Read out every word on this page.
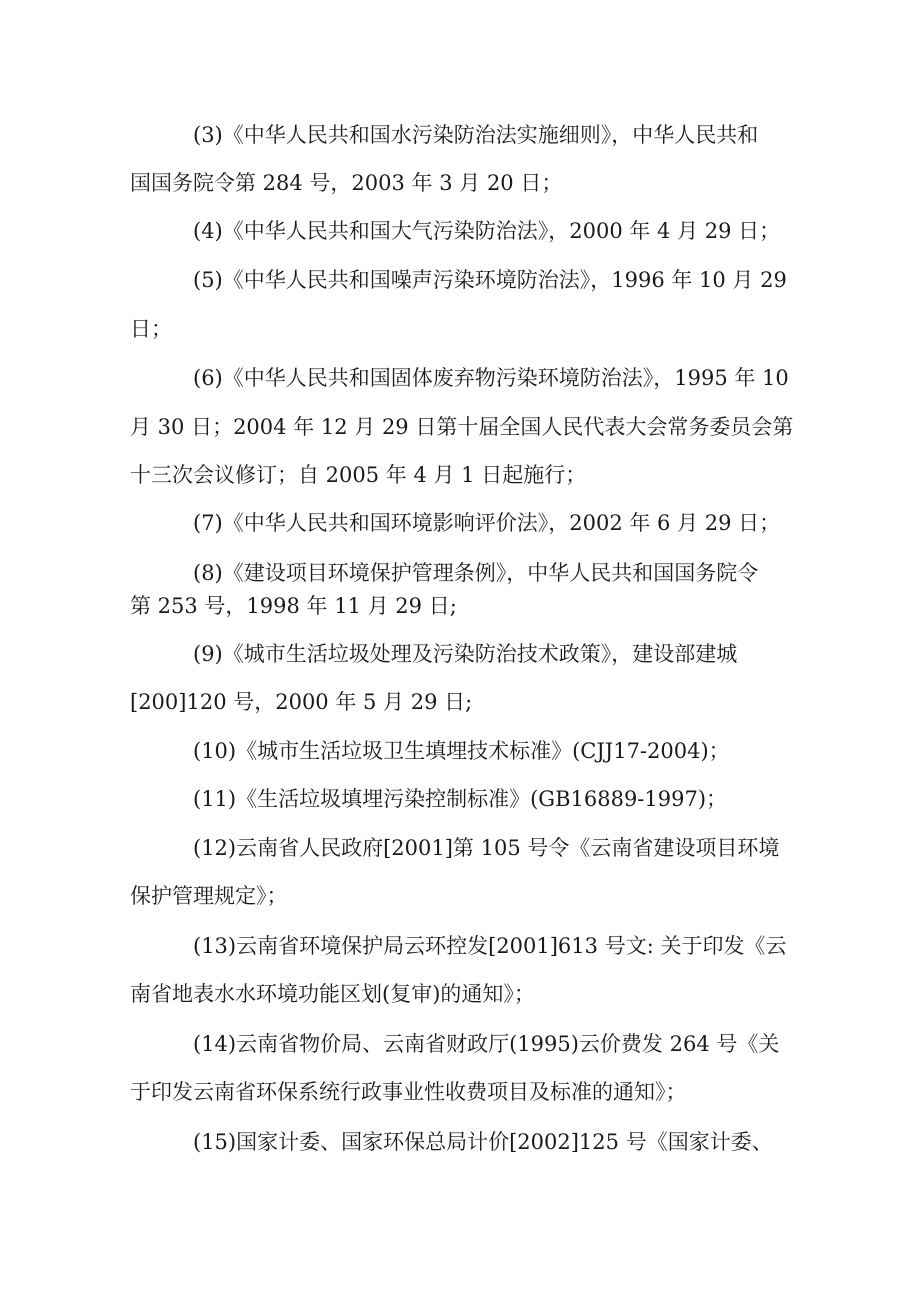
(3)《中华人民共和国水污染防治法实施细则》，中华人民共和

国国务院令第 284 号，2003 年 3 月 20 日；

(4)《中华人民共和国大气污染防治法》，2000 年 4 月 29 日；

(5)《中华人民共和国噪声污染环境防治法》，1996 年 10 月 29

日；

(6)《中华人民共和国固体废弃物污染环境防治法》，1995 年 10

月 30 日；2004 年 12 月 29 日第十届全国人民代表大会常务委员会第

十三次会议修订；自 2005 年 4 月 1 日起施行；

(7)《中华人民共和国环境影响评价法》，2002 年 6 月 29 日；

(8)《建设项目环境保护管理条例》，中华人民共和国国务院令

第 253 号，1998 年 11 月 29 日;

(9)《城市生活垃圾处理及污染防治技术政策》，建设部建城

[200]120 号，2000 年 5 月 29 日;

(10)《城市生活垃圾卫生填埋技术标准》(CJJ17-2004)；

(11)《生活垃圾填埋污染控制标准》(GB16889-1997)；

(12)云南省人民政府[2001]第 105 号令《云南省建设项目环境

保护管理规定》；

(13)云南省环境保护局云环控发[2001]613 号文: 关于印发《云

南省地表水水环境功能区划(复审)的通知》；

(14)云南省物价局、云南省财政厅(1995)云价费发 264 号《关

于印发云南省环保系统行政事业性收费项目及标准的通知》；

(15)国家计委、国家环保总局计价[2002]125 号《国家计委、
